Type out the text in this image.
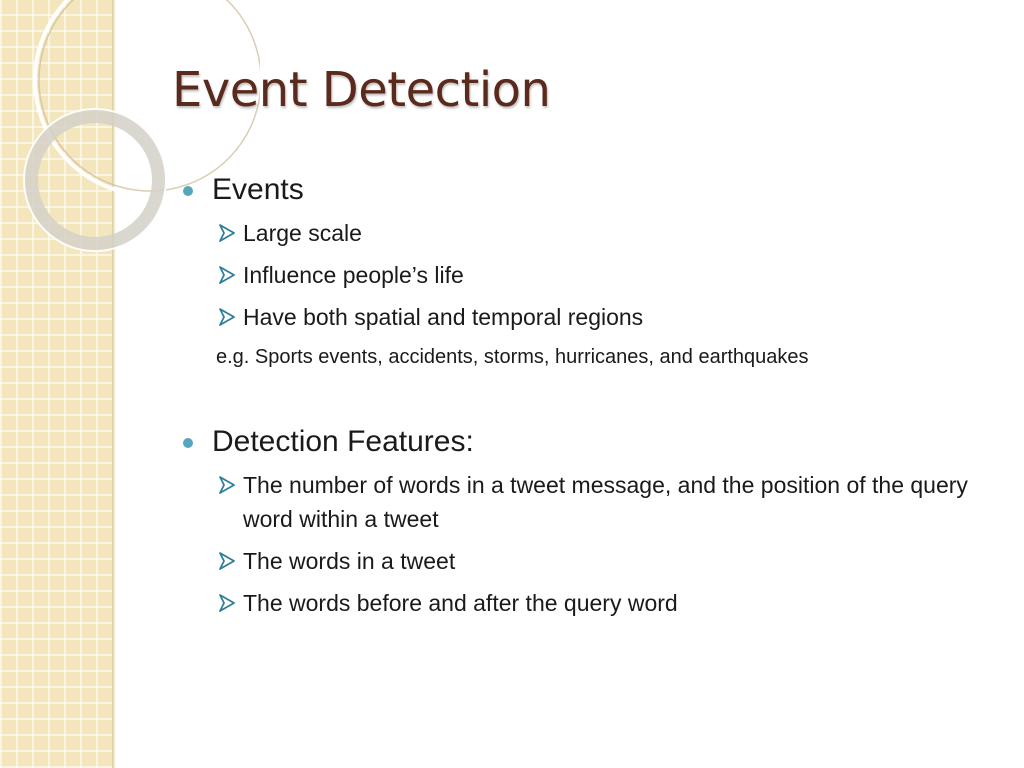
Event Detection
Events
Large scale
Influence people’s life
Have both spatial and temporal regions
e.g. Sports events, accidents, storms, hurricanes, and earthquakes
Detection Features:
The number of words in a tweet message, and the position of the query word within a tweet
The words in a tweet
The words before and after the query word
